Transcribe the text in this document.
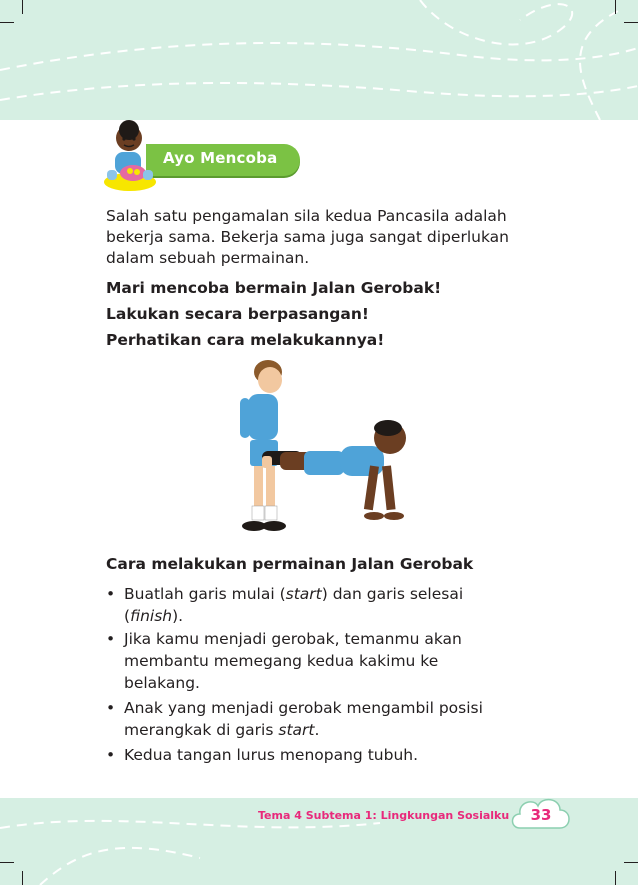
Ayo Mencoba
Salah satu pengamalan sila kedua Pancasila adalah
bekerja sama. Bekerja sama juga sangat diperlukan
dalam sebuah permainan.
Mari mencoba bermain Jalan Gerobak!
Lakukan secara berpasangan!
Perhatikan cara melakukannya!
Cara melakukan permainan Jalan Gerobak
• Buatlah garis mulai (start) dan garis selesai
(finish).
• Jika kamu menjadi gerobak, temanmu akan
membantu memegang kedua kakimu ke
belakang.
• Anak yang menjadi gerobak mengambil posisi
merangkak di garis start.
• Kedua tangan lurus menopang tubuh.
Tema 4 Subtema 1: Lingkungan Sosialku	33
